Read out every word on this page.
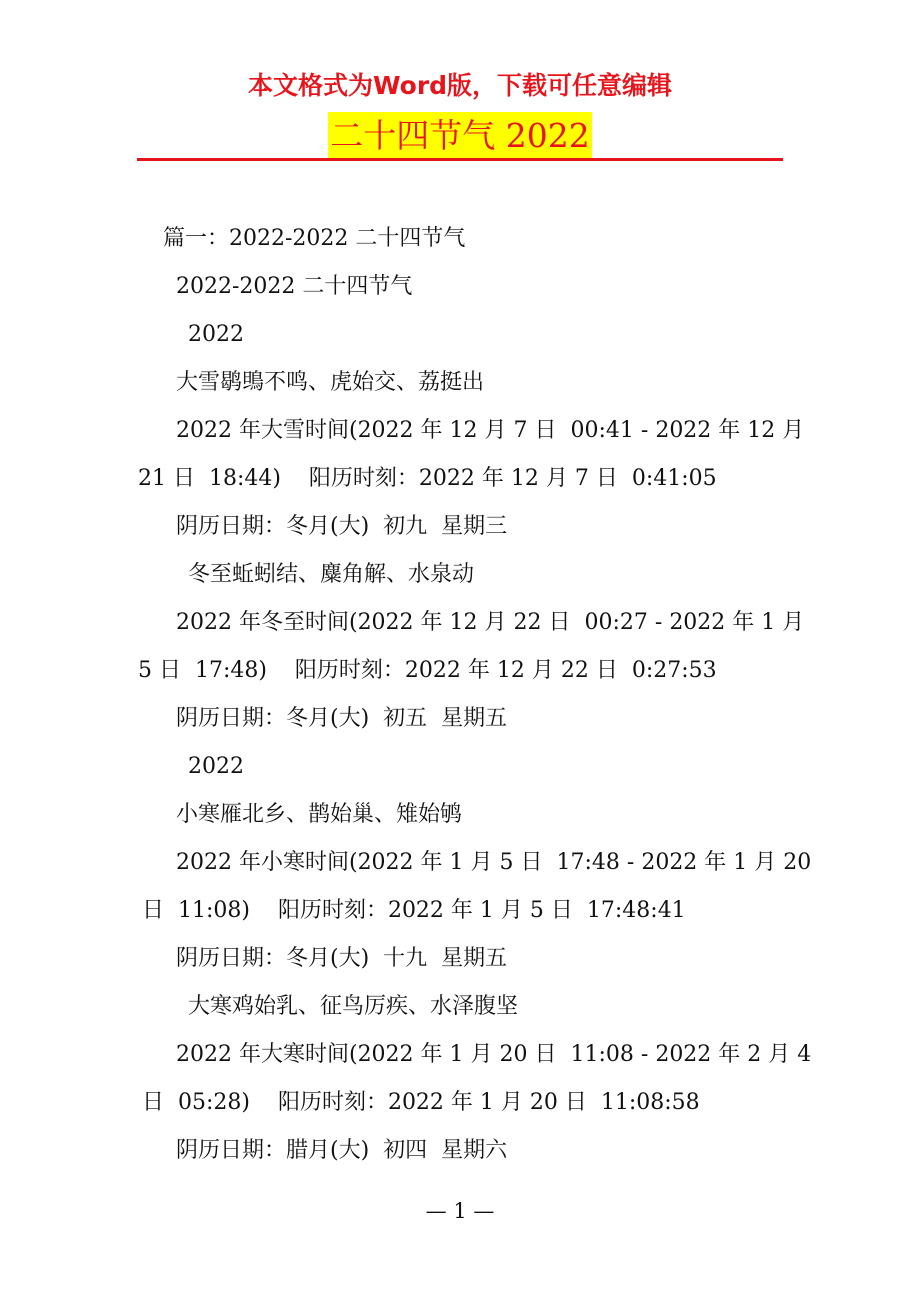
本文格式为Word版，下载可任意编辑
二十四节气 2022
篇一：2022-2022 二十四节气
2022-2022 二十四节气
2022
大雪鹖鴠不鸣、虎始交、荔挺出
2022 年大雪时间(2022 年 12 月 7 日  00:41 - 2022 年 12 月
21 日  18:44)    阳历时刻：2022 年 12 月 7 日  0:41:05
阴历日期：冬月(大)  初九  星期三
冬至蚯蚓结、麋角解、水泉动
2022 年冬至时间(2022 年 12 月 22 日  00:27 - 2022 年 1 月
5 日  17:48)    阳历时刻：2022 年 12 月 22 日  0:27:53
阴历日期：冬月(大)  初五  星期五
2022
小寒雁北乡、鹊始巢、雉始鸲
2022 年小寒时间(2022 年 1 月 5 日  17:48 - 2022 年 1 月 20
日  11:08)    阳历时刻：2022 年 1 月 5 日  17:48:41
阴历日期：冬月(大)  十九  星期五
大寒鸡始乳、征鸟厉疾、水泽腹坚
2022 年大寒时间(2022 年 1 月 20 日  11:08 - 2022 年 2 月 4
日  05:28)    阳历时刻：2022 年 1 月 20 日  11:08:58
阴历日期：腊月(大)  初四  星期六
— 1 —
